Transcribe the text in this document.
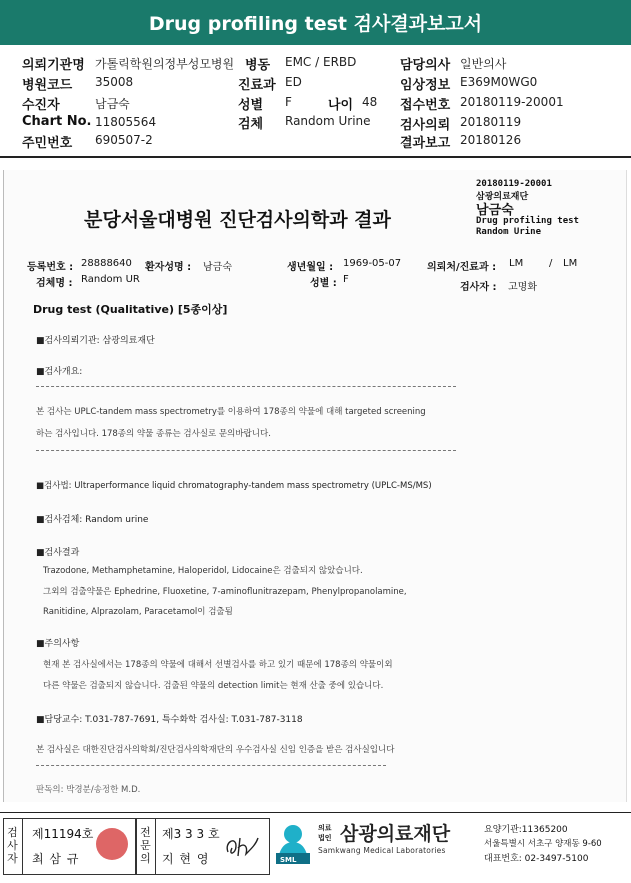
Drug profiling test 검사결과보고서
의뢰기관명 가톨릭학원의정부성모병원 병동 EMC / ERBD	담당의사 일반의사
병원코드 35008	진료과 ED	임상정보 E369M0WG0
수진자	남금숙	성별 F	나이 48 접수번호 20180119-20001
Chart No. 11805564	검체 Random Urine 검사의뢰 20180119
주민번호 690507-2	결과보고 20180126
20180119-20001
삼광의료재단
남금숙
Drug profiling test
Random Urine
분당서울대병원 진단검사의학과 결과
등록번호 : 28888640 환자성명 : 남금숙	생년월일 : 1969-05-07	의뢰처/진료과 : LM	/ LM
검체명 : Random UR	성별 : F
검사자 : 고명화
Drug test (Qualitative) [5종이상]
■검사의뢰기관: 삼광의료재단
■검사개요:
본 검사는 UPLC-tandem mass spectrometry를 이용하여 178종의 약물에 대해 targeted screening
하는 검사입니다. 178종의 약물 종류는 검사실로 문의바랍니다.
■검사법: Ultraperformance liquid chromatography-tandem mass spectrometry (UPLC-MS/MS)
■검사검체: Random urine
■검사결과
Trazodone, Methamphetamine, Haloperidol, Lidocaine은 검출되지 않았습니다.
그외의 검출약물은 Ephedrine, Fluoxetine, 7-aminoflunitrazepam, Phenylpropanolamine,
Ranitidine, Alprazolam, Paracetamol이 검출됨
■주의사항
현재 본 검사실에서는 178종의 약물에 대해서 선별검사를 하고 있기 때문에 178종의 약물이외
다른 약물은 검출되지 않습니다. 검출된 약물의 detection limit는 현재 산출 중에 있습니다.
■담당교수: T.031-787-7691, 특수화학 검사실: T.031-787-3118
본 검사실은 대한진단검사의학회/진단검사의학재단의 우수검사실 신임 인증을 받은 검사실입니다
판독의: 박경분/송정한 M.D.
검사자
제11194호
최 삼 규
전문의
제3 3 3 호
지 현 영	SML
의료
법인 삼광의료재단
Samkwang Medical Laboratories
요양기관:11365200
서울특별시 서초구 양재동 9-60
대표번호: 02-3497-5100
